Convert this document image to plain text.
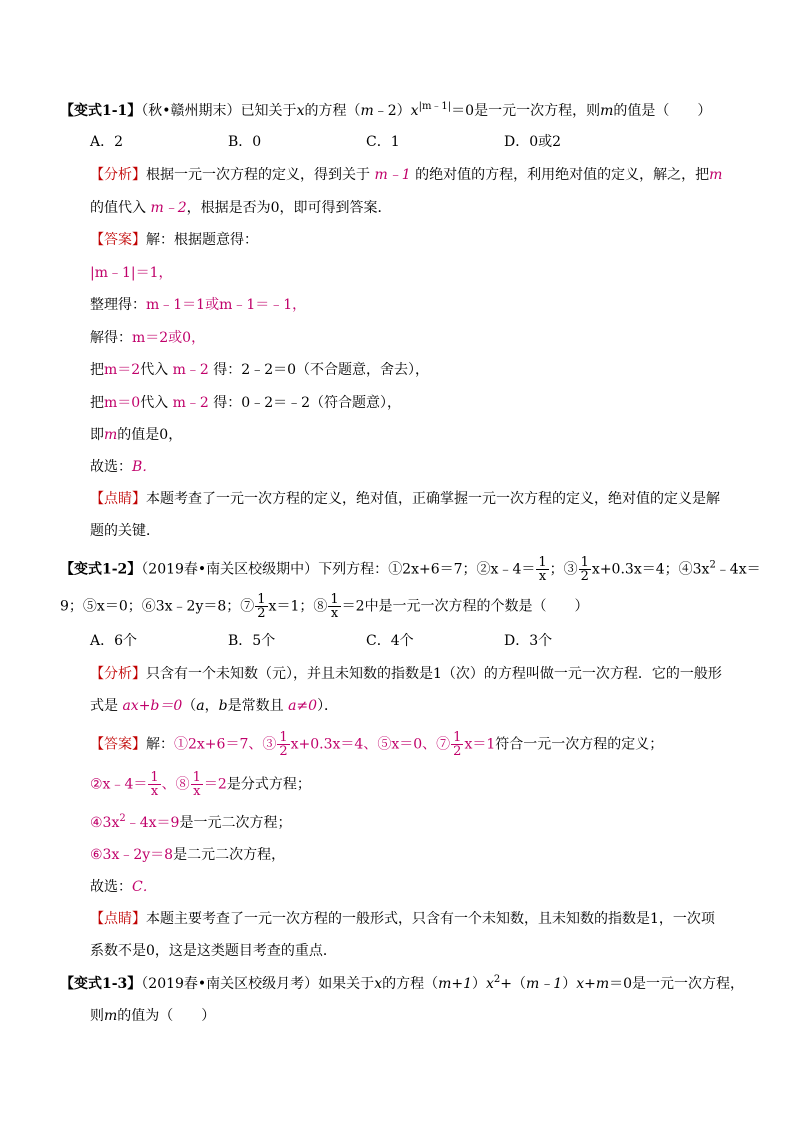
【变式1-1】（秋•赣州期末）已知关于x的方程$(m﹣2)x^{|m﹣1|}=0$是一元一次方程，则m的值是（　　）
A．2	B．0	C．1	D．0或2
【分析】根据一元一次方程的定义，得到关于 m﹣1 的绝对值的方程，利用绝对值的定义，解之，把m
的值代入 m﹣2，根据是否为0，即可得到答案．
【答案】解：根据题意得：
|m﹣1|＝1，
整理得：m﹣1＝1或m﹣1＝﹣1，
解得：m＝2或0，
把m＝2代入 m﹣2 得：2﹣2＝0（不合题意，舍去），
把m＝0代入 m﹣2 得：0﹣2＝﹣2（符合题意），
即m的值是0，
故选：B．
【点睛】本题考查了一元一次方程的定义，绝对值，正确掌握一元一次方程的定义，绝对值的定义是解
题的关键．
【变式1-2】（2019春•南关区校级期中）下列方程：①2x+6＝7；②x﹣4＝ $\frac{1}{x}$ ；③ $\frac{1}{2} x+0.3x=4$；$④3x^2﹣4x=$
9；⑤x＝0；⑥3x﹣2y＝8；⑦ $\frac{1}{2} x=1$；⑧ $\frac{1}{x} =2$中是一元一次方程的个数是（　　）
A．6个	B．5个	C．4个	D．3个
【分析】只含有一个未知数（元），并且未知数的指数是1（次）的方程叫做一元一次方程．它的一般形
式是 ax+b＝0（a，b是常数且 a≠0）．
【答案】解：①2x+6＝7、③ $\frac{1}{2} x+0.3x=4$、⑤x＝0、⑦ $\frac{1}{2} x=1$符合一元一次方程的定义；
②x﹣4＝ $\frac{1}{x}$ 、⑧ $\frac{1}{x} =2$是分式方程；
$④3x^2﹣4x=9$是一元二次方程；
⑥3x﹣2y＝8是二元二次方程，
故选：C．
【点睛】本题主要考查了一元一次方程的一般形式，只含有一个未知数，且未知数的指数是1，一次项
系数不是0，这是这类题目考查的重点．
【变式1-3】（2019春•南关区校级月考）如果关于x的方程$(m+1)x^2+(m﹣1)x+m=0$是一元一次方程，
则m的值为（　　）
